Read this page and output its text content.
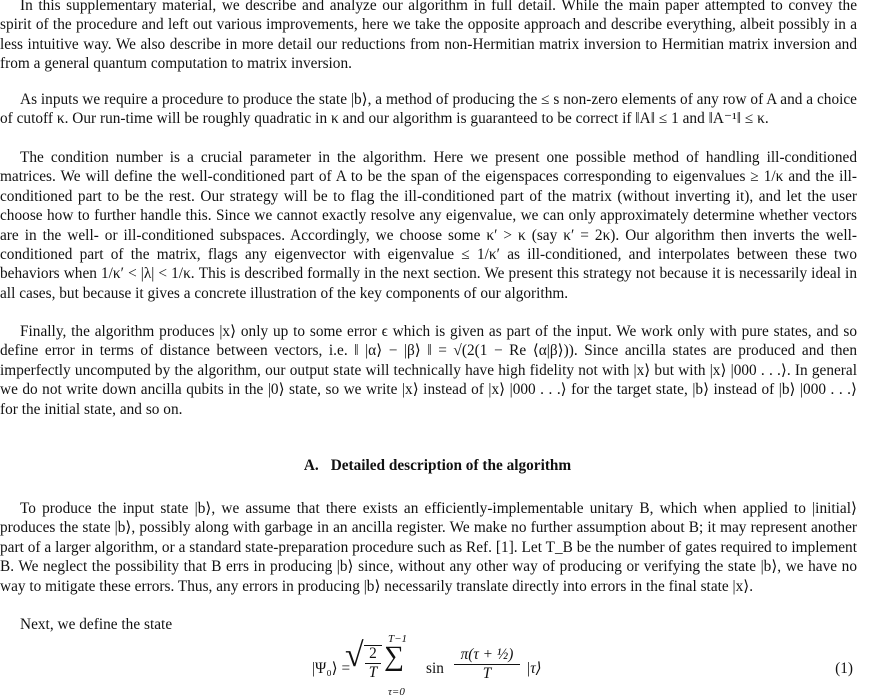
In this supplementary material, we describe and analyze our algorithm in full detail. While the main paper attempted to convey the spirit of the procedure and left out various improvements, here we take the opposite approach and describe everything, albeit possibly in a less intuitive way. We also describe in more detail our reductions from non-Hermitian matrix inversion to Hermitian matrix inversion and from a general quantum computation to matrix inversion.

As inputs we require a procedure to produce the state |b⟩, a method of producing the ≤ s non-zero elements of any row of A and a choice of cutoff κ. Our run-time will be roughly quadratic in κ and our algorithm is guaranteed to be correct if ‖A‖ ≤ 1 and ‖A⁻¹‖ ≤ κ.

The condition number is a crucial parameter in the algorithm. Here we present one possible method of handling ill-conditioned matrices. We will define the well-conditioned part of A to be the span of the eigenspaces corresponding to eigenvalues ≥ 1/κ and the ill-conditioned part to be the rest. Our strategy will be to flag the ill-conditioned part of the matrix (without inverting it), and let the user choose how to further handle this. Since we cannot exactly resolve any eigenvalue, we can only approximately determine whether vectors are in the well- or ill-conditioned subspaces. Accordingly, we choose some κ′ > κ (say κ′ = 2κ). Our algorithm then inverts the well-conditioned part of the matrix, flags any eigenvector with eigenvalue ≤ 1/κ′ as ill-conditioned, and interpolates between these two behaviors when 1/κ′ < |λ| < 1/κ. This is described formally in the next section. We present this strategy not because it is necessarily ideal in all cases, but because it gives a concrete illustration of the key components of our algorithm.

Finally, the algorithm produces |x⟩ only up to some error ϵ which is given as part of the input. We work only with pure states, and so define error in terms of distance between vectors, i.e. ‖ |α⟩ − |β⟩ ‖ = √(2(1 − Re ⟨α|β⟩)). Since ancilla states are produced and then imperfectly uncomputed by the algorithm, our output state will technically have high fidelity not with |x⟩ but with |x⟩ |000 . . .⟩. In general we do not write down ancilla qubits in the |0⟩ state, so we write |x⟩ instead of |x⟩ |000 . . .⟩ for the target state, |b⟩ instead of |b⟩ |000 . . .⟩ for the initial state, and so on.

A. Detailed description of the algorithm

To produce the input state |b⟩, we assume that there exists an efficiently-implementable unitary B, which when applied to |initial⟩ produces the state |b⟩, possibly along with garbage in an ancilla register. We make no further assumption about B; it may represent another part of a larger algorithm, or a standard state-preparation procedure such as Ref. [1]. Let T_B be the number of gates required to implement B. We neglect the possibility that B errs in producing |b⟩ since, without any other way of producing or verifying the state |b⟩, we have no way to mitigate these errors. Thus, any errors in producing |b⟩ necessarily translate directly into errors in the final state |x⟩.

Next, we define the state

|Ψ₀⟩ =
√ 2
T
T−1
∑
τ=0
sin
π(τ + ½)
T	|τ⟩	(1)
